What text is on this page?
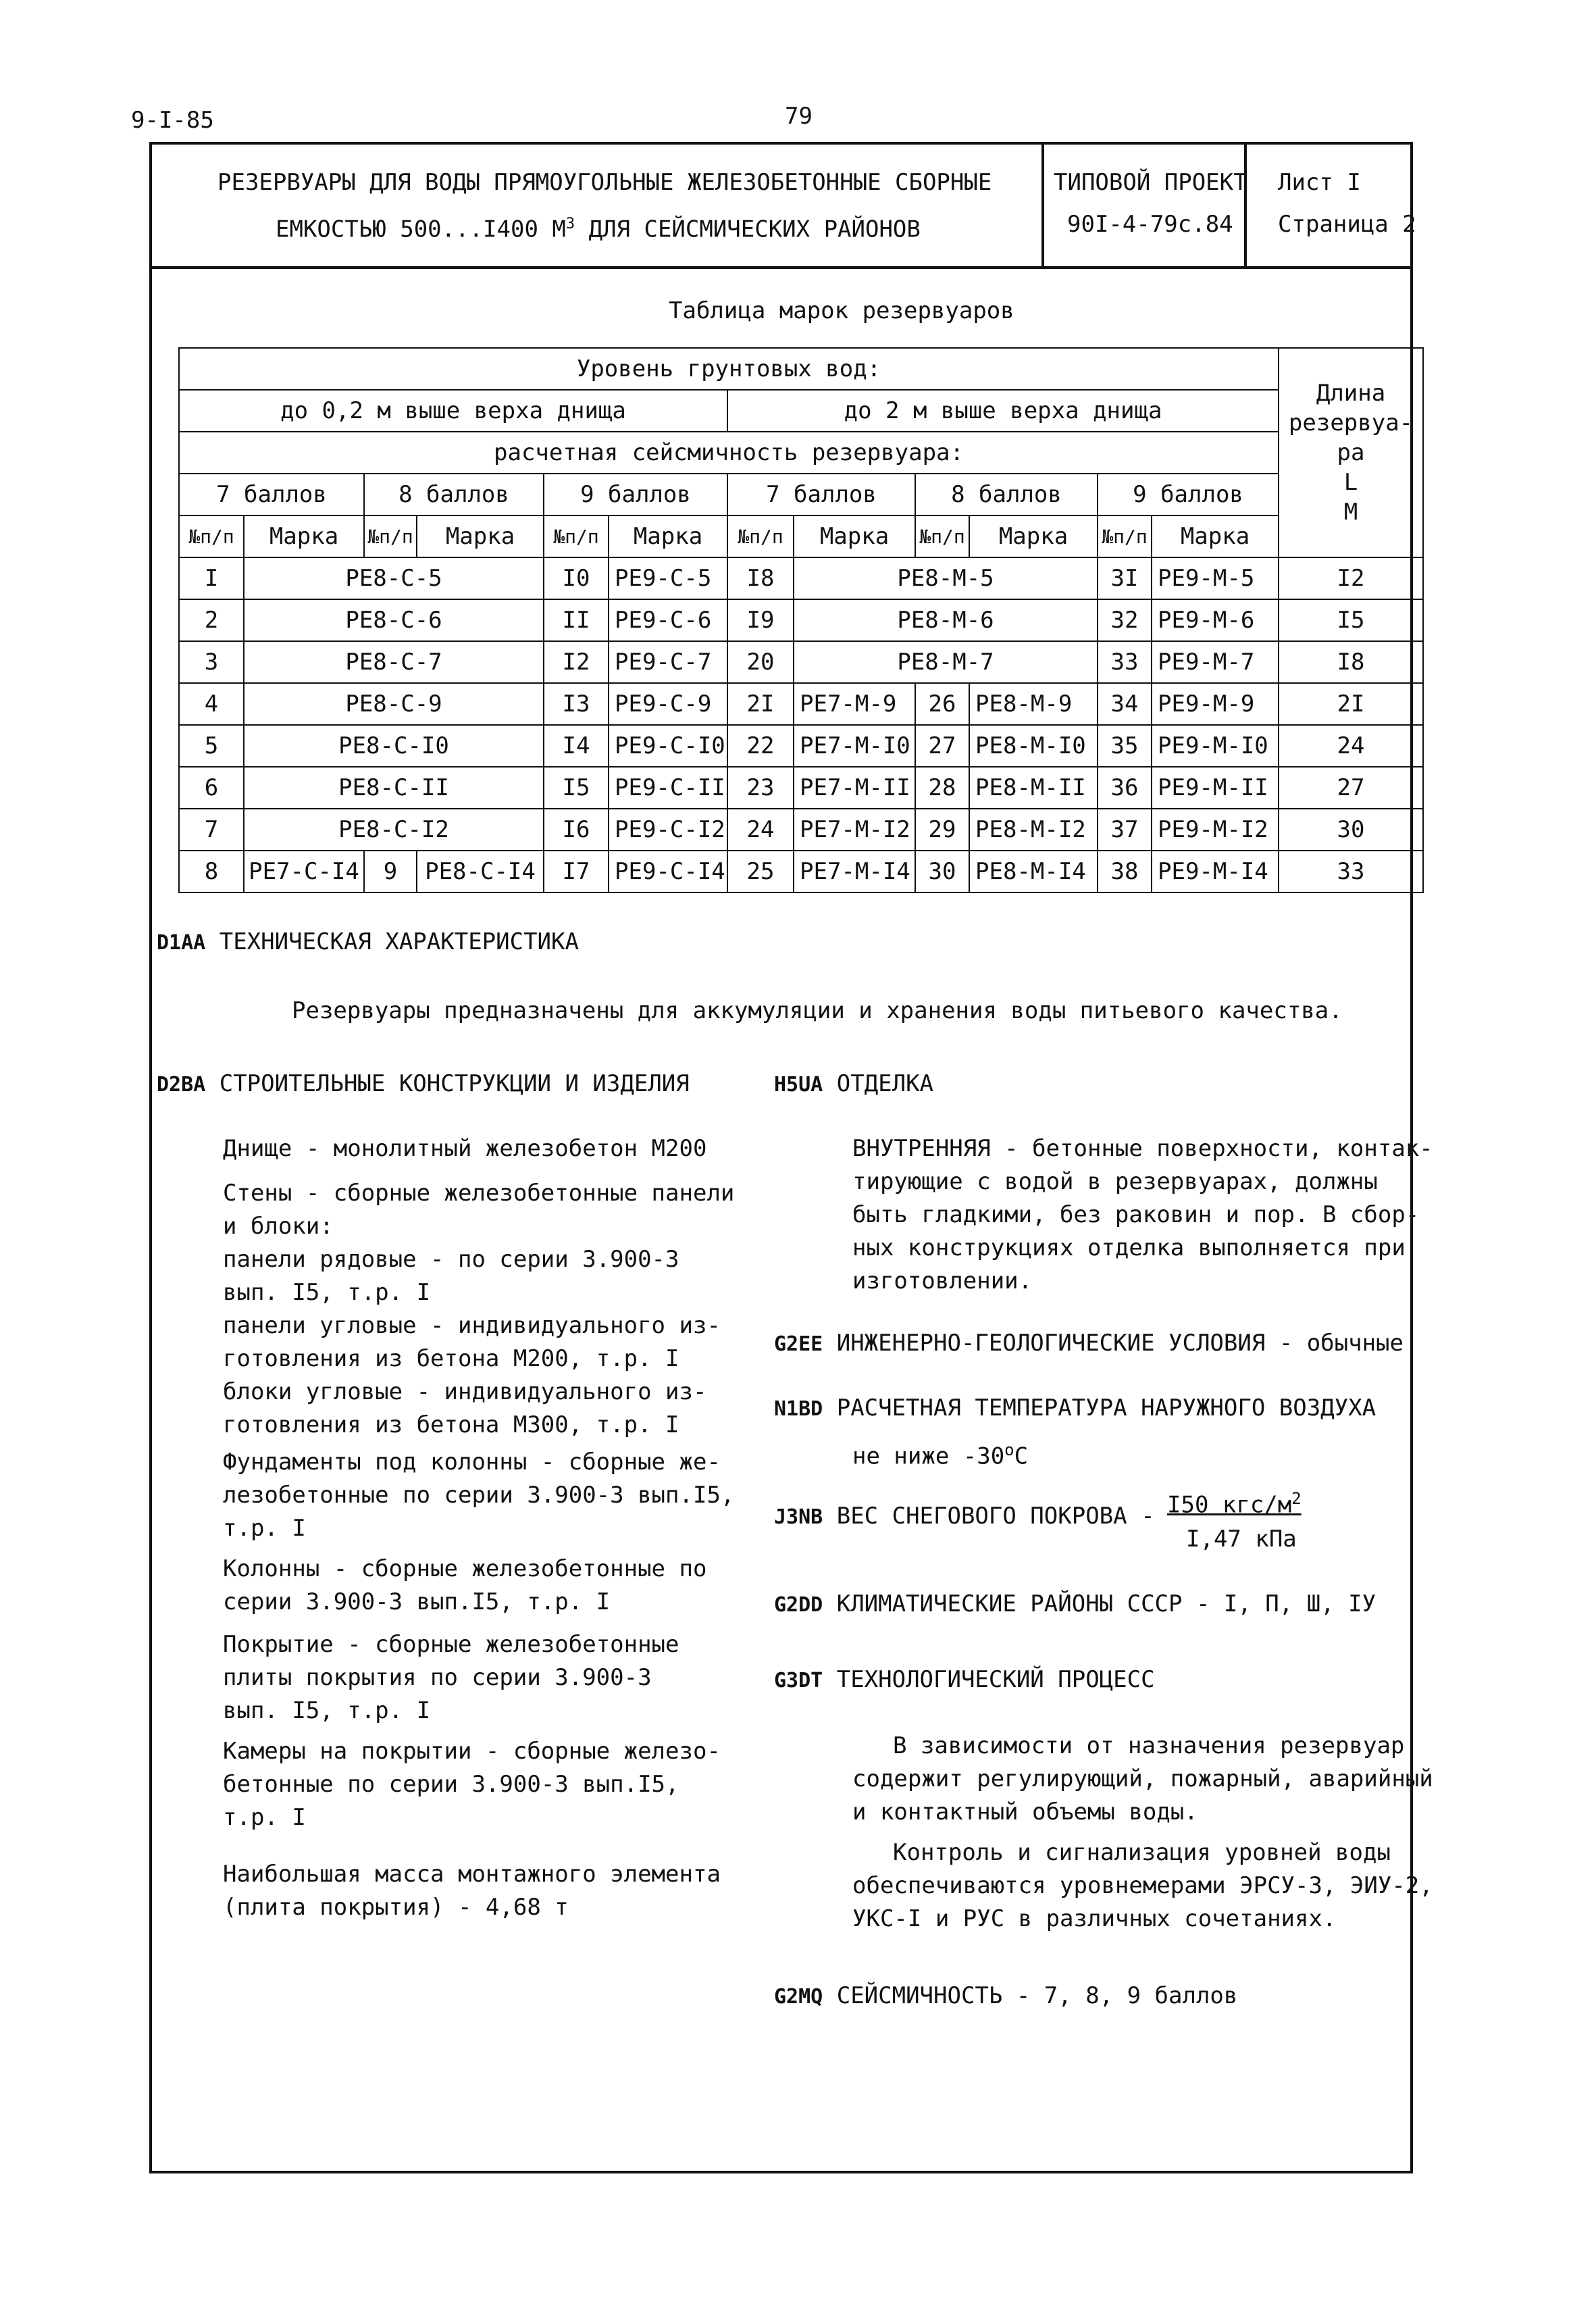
9-I-85	79
РЕЗЕРВУАРЫ ДЛЯ ВОДЫ ПРЯМОУГОЛЬНЫЕ ЖЕЛЕЗОБЕТОННЫЕ СБОРНЫЕ
ЕМКОСТЬЮ 500...I400 $М^3$ ДЛЯ СЕЙСМИЧЕСКИХ РАЙОНОВ
ТИПОВОЙ ПРОЕКТ
90I-4-79с.84
Лист I
Страница 2
Таблица марок резервуаров
Уровень грунтовых вод:												Длина
резервуа-
ра
L
М

до 0,2 м выше верха днища						до 2 м выше верха днища						
расчетная сейсмичность резервуара:												
7 баллов		8 баллов		9 баллов		7 баллов		8 баллов		9 баллов		
№п/п	Марка	№п/п	Марка	№п/п	Марка	№п/п	Марка	№п/п	Марка	№п/п	Марка	
I	РЕ8-С-5			I0	РЕ9-С-5	I8	РЕ8-М-5			3I	РЕ9-М-5	I2
2	РЕ8-С-6			II	РЕ9-С-6	I9	РЕ8-М-6			32	РЕ9-М-6	I5
3	РЕ8-С-7			I2	РЕ9-С-7	20	РЕ8-М-7			33	РЕ9-М-7	I8
4	РЕ8-С-9			I3	РЕ9-С-9	2I	РЕ7-М-9	26	РЕ8-М-9	34	РЕ9-М-9	2I
5	РЕ8-С-I0			I4	РЕ9-С-I0	22	РЕ7-М-I0	27	РЕ8-М-I0	35	РЕ9-М-I0	24
6	РЕ8-С-II			I5	РЕ9-С-II	23	РЕ7-М-II	28	РЕ8-М-II	36	РЕ9-М-II	27
7	РЕ8-С-I2			I6	РЕ9-С-I2	24	РЕ7-М-I2	29	РЕ8-М-I2	37	РЕ9-М-I2	30
8	РЕ7-С-I4	9	РЕ8-С-I4	I7	РЕ9-С-I4	25	РЕ7-М-I4	30	РЕ8-М-I4	38	РЕ9-М-I4	33
D1AA ТЕХНИЧЕСКАЯ ХАРАКТЕРИСТИКА
Резервуары предназначены для аккумуляции и хранения воды питьевого качества.
D2BA СТРОИТЕЛЬНЫЕ КОНСТРУКЦИИ И ИЗДЕЛИЯ
Днище - монолитный железобетон М200
Стены - сборные железобетонные панели
и блоки:
панели рядовые - по серии 3.900-3
вып. I5, т.р. I
панели угловые - индивидуального из-
готовления из бетона М200, т.р. I
блоки угловые - индивидуального из-
готовления из бетона М300, т.р. I
Фундаменты под колонны - сборные же-
лезобетонные по серии 3.900-3 вып.I5,
т.р. I
Колонны - сборные железобетонные по
серии 3.900-3 вып.I5, т.р. I
Покрытие - сборные железобетонные
плиты покрытия по серии 3.900-3
вып. I5, т.р. I
Камеры на покрытии - сборные железо-
бетонные по серии 3.900-3 вып.I5,
т.р. I
Наибольшая масса монтажного элемента
(плита покрытия) - 4,68 т
H5UA ОТДЕЛКА
ВНУТРЕННЯЯ - бетонные поверхности, контак-
тирующие с водой в резервуарах, должны
быть гладкими, без раковин и пор. В сбор-
ных конструкциях отделка выполняется при
изготовлении.
G2EE ИНЖЕНЕРНО-ГЕОЛОГИЧЕСКИЕ УСЛОВИЯ - обычные
N1BD РАСЧЕТНАЯ ТЕМПЕРАТУРА НАРУЖНОГО ВОЗДУХА
не ниже $-30^оС$
J3NB ВЕС СНЕГОВОГО ПОКРОВА - I50 кгс/$м^2$
I,47 кПа
G2DD КЛИМАТИЧЕСКИЕ РАЙОНЫ СССР - I, П, Ш, IУ
G3DT ТЕХНОЛОГИЧЕСКИЙ ПРОЦЕСС
В зависимости от назначения резервуар
содержит регулирующий, пожарный, аварийный
и контактный объемы воды.
Контроль и сигнализация уровней воды
обеспечиваются уровнемерами ЭРСУ-3, ЭИУ-2,
УКС-I и РУС в различных сочетаниях.
G2MQ СЕЙСМИЧНОСТЬ - 7, 8, 9 баллов
